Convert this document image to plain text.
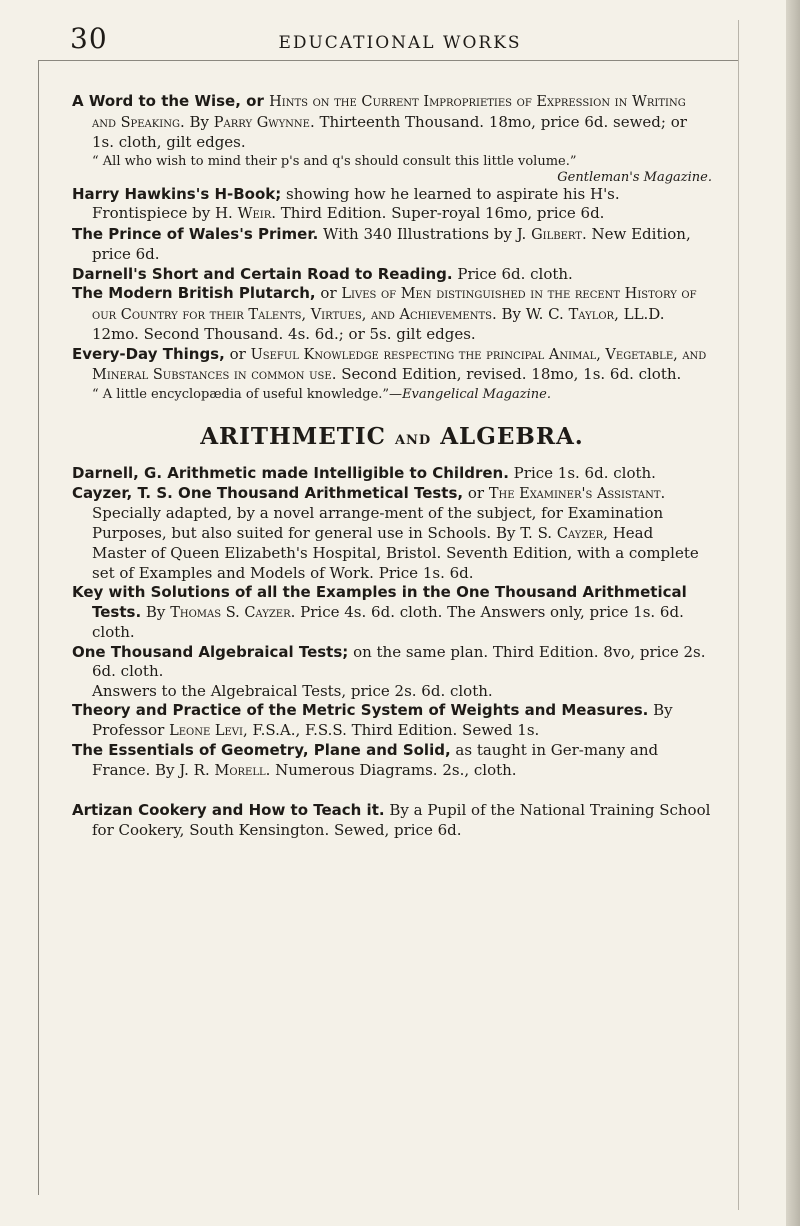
30	EDUCATIONAL WORKS

A Word to the Wise, or Hints on the Current Improprieties of Expression in Writing and Speaking. By Parry Gwynne. Thirteenth Thousand. 18mo, price 6d. sewed; or 1s. cloth, gilt edges.

“ All who wish to mind their p's and q's should consult this little volume.”

Gentleman's Magazine.

Harry Hawkins's H-Book; showing how he learned to aspirate his H's. Frontispiece by H. Weir. Third Edition. Super-royal 16mo, price 6d.

The Prince of Wales's Primer. With 340 Illustrations by J. Gilbert. New Edition, price 6d.

Darnell's Short and Certain Road to Reading. Price 6d. cloth.

The Modern British Plutarch, or Lives of Men distinguished in the recent History of our Country for their Talents, Virtues, and Achievements. By W. C. Taylor, LL.D. 12mo. Second Thousand. 4s. 6d.; or 5s. gilt edges.

Every-Day Things, or Useful Knowledge respecting the principal Animal, Vegetable, and Mineral Substances in common use. Second Edition, revised. 18mo, 1s. 6d. cloth.

“ A little encyclopædia of useful knowledge.”—Evangelical Magazine.

ARITHMETIC and ALGEBRA.

Darnell, G. Arithmetic made Intelligible to Children. Price 1s. 6d. cloth.

Cayzer, T. S. One Thousand Arithmetical Tests, or The Examiner's Assistant. Specially adapted, by a novel arrange-ment of the subject, for Examination Purposes, but also suited for general use in Schools. By T. S. Cayzer, Head Master of Queen Elizabeth's Hospital, Bristol. Seventh Edition, with a complete set of Examples and Models of Work. Price 1s. 6d.

Key with Solutions of all the Examples in the One Thousand Arithmetical Tests. By Thomas S. Cayzer. Price 4s. 6d. cloth. The Answers only, price 1s. 6d. cloth.

One Thousand Algebraical Tests; on the same plan. Third Edition. 8vo, price 2s. 6d. cloth.

Answers to the Algebraical Tests, price 2s. 6d. cloth.

Theory and Practice of the Metric System of Weights and Measures. By Professor Leone Levi, F.S.A., F.S.S. Third Edition. Sewed 1s.

The Essentials of Geometry, Plane and Solid, as taught in Ger-many and France. By J. R. Morell. Numerous Diagrams. 2s., cloth.

Artizan Cookery and How to Teach it. By a Pupil of the National Training School for Cookery, South Kensington. Sewed, price 6d.
